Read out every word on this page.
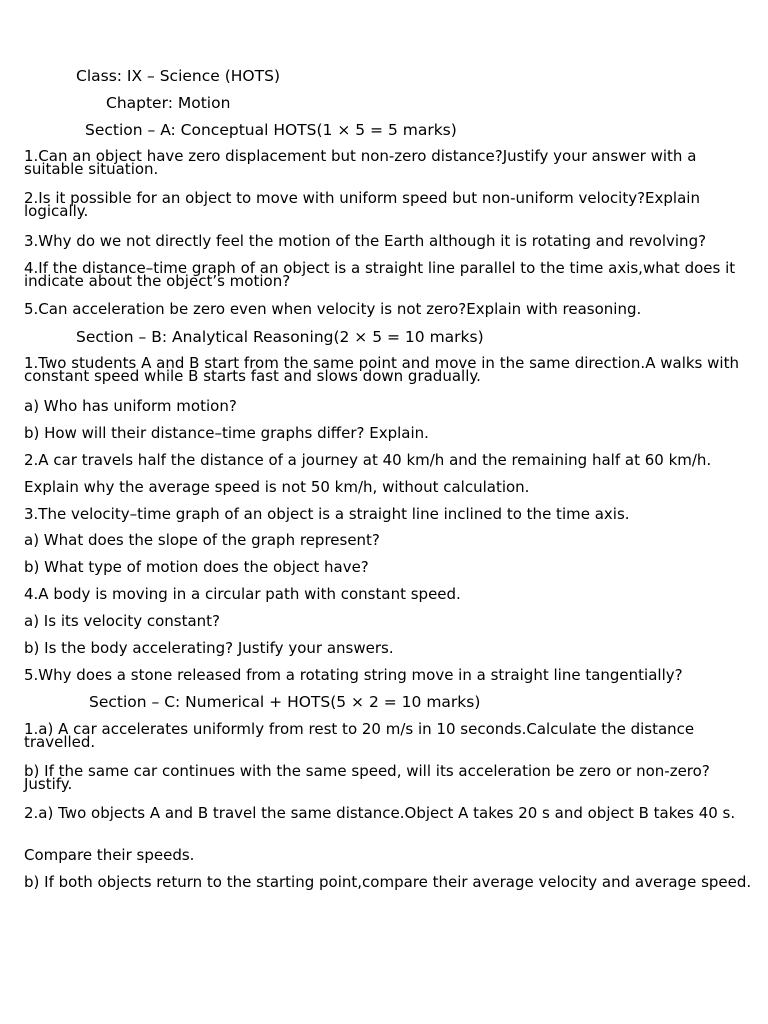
Class: IX – Science (HOTS)
Chapter: Motion
Section – A: Conceptual HOTS(1 × 5 = 5 marks)
1.Can an object have zero displacement but non-zero distance?Justify your answer with a suitable situation.
2.Is it possible for an object to move with uniform speed but non-uniform velocity?Explain logically.
3.Why do we not directly feel the motion of the Earth although it is rotating and revolving?
4.If the distance–time graph of an object is a straight line parallel to the time axis,what does it indicate about the object’s motion?
5.Can acceleration be zero even when velocity is not zero?Explain with reasoning.
Section – B: Analytical Reasoning(2 × 5 = 10 marks)
1.Two students A and B start from the same point and move in the same direction.A walks with constant speed while B starts fast and slows down gradually.
a) Who has uniform motion?
b) How will their distance–time graphs differ? Explain.
2.A car travels half the distance of a journey at 40 km/h and the remaining half at 60 km/h.
Explain why the average speed is not 50 km/h, without calculation.
3.The velocity–time graph of an object is a straight line inclined to the time axis.
a) What does the slope of the graph represent?
b) What type of motion does the object have?
4.A body is moving in a circular path with constant speed.
a) Is its velocity constant?
b) Is the body accelerating? Justify your answers.
5.Why does a stone released from a rotating string move in a straight line tangentially?
Section – C: Numerical + HOTS(5 × 2 = 10 marks)
1.a) A car accelerates uniformly from rest to 20 m/s in 10 seconds.Calculate the distance travelled.
b) If the same car continues with the same speed, will its acceleration be zero or non-zero?Justify.
2.a) Two objects A and B travel the same distance.Object A takes 20 s and object B takes 40 s.
Compare their speeds.
b) If both objects return to the starting point,compare their average velocity and average speed.
